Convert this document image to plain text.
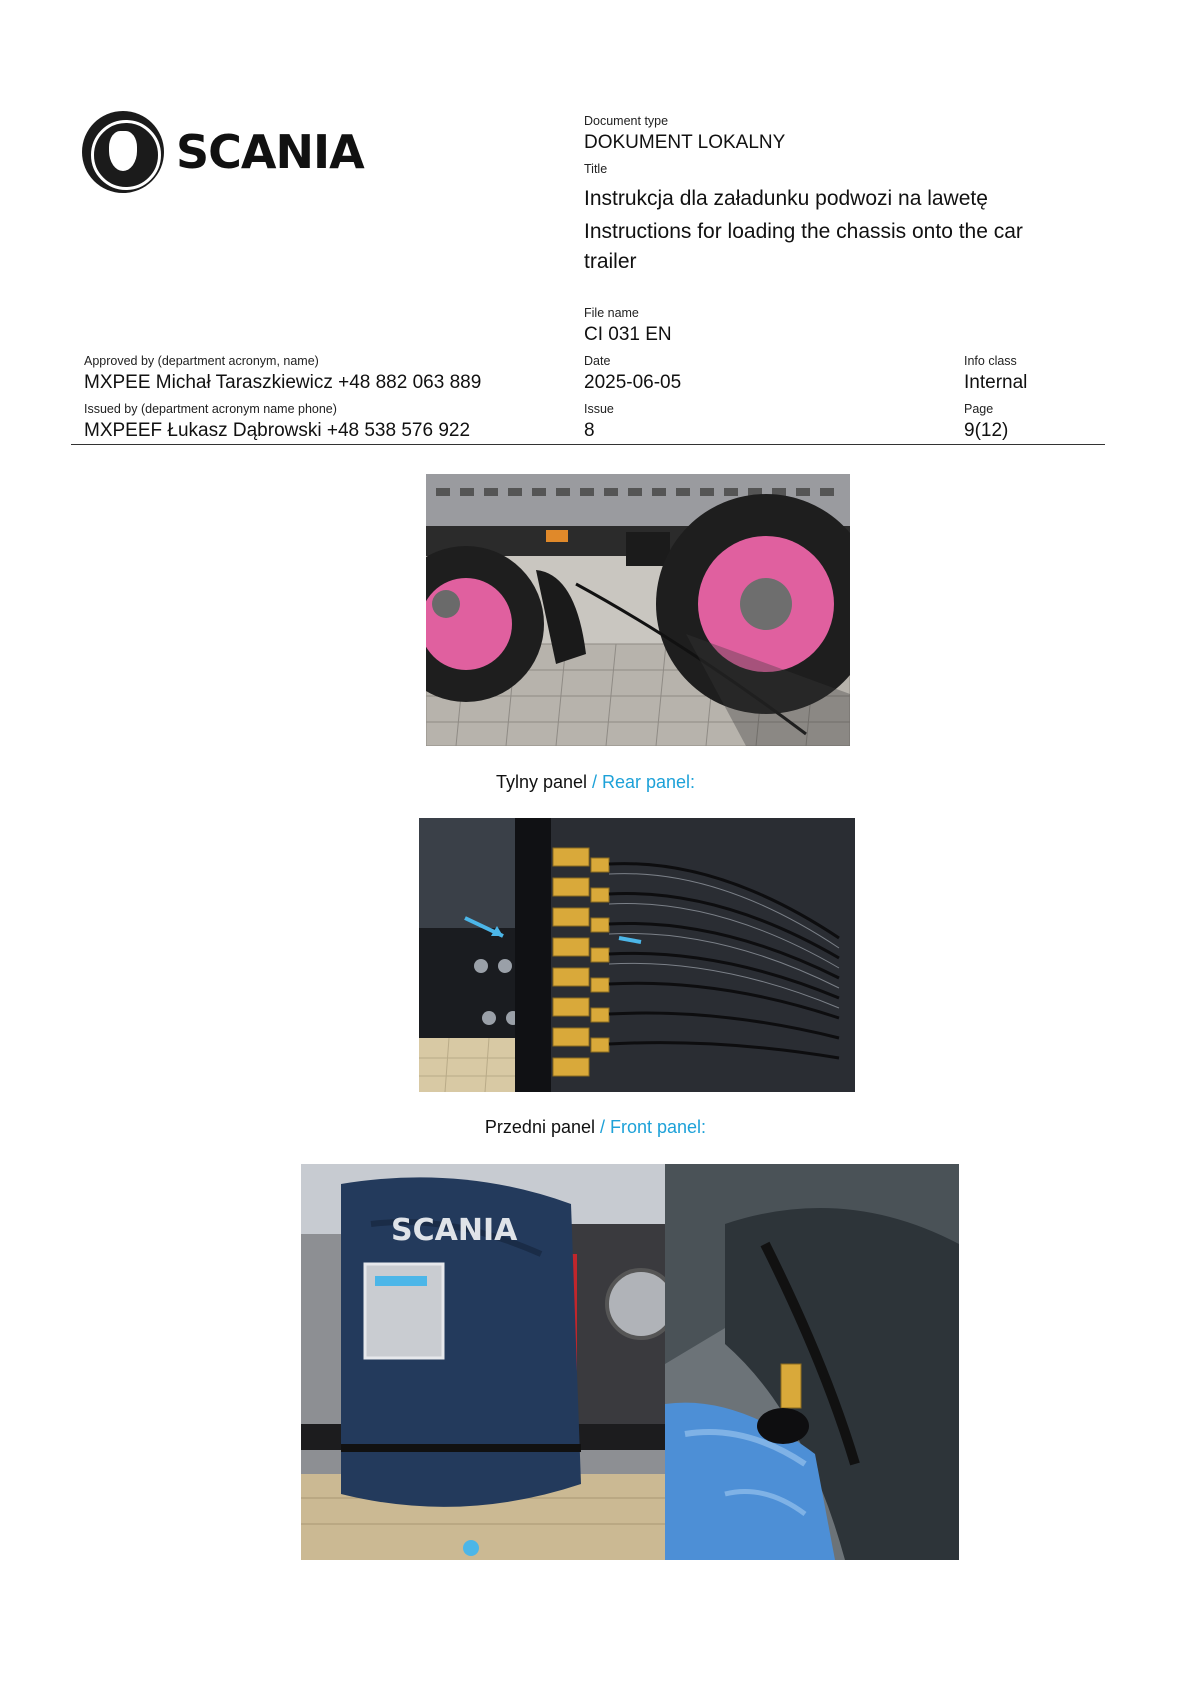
SCANIA
Document type
DOKUMENT LOKALNY
Title
Instrukcja dla załadunku podwozi na lawetę
Instructions for loading the chassis onto the car trailer
File name
CI 031 EN
Approved by (department acronym, name)
MXPEE Michał Taraszkiewicz +48 882 063 889
Date
2025-06-05
Info class
Internal
Issued by (department acronym name phone)
MXPEEF Łukasz Dąbrowski +48 538 576 922
Issue
8
Page
9(12)
Tylny panel / Rear panel:
Przedni panel / Front panel:
SCANIA
